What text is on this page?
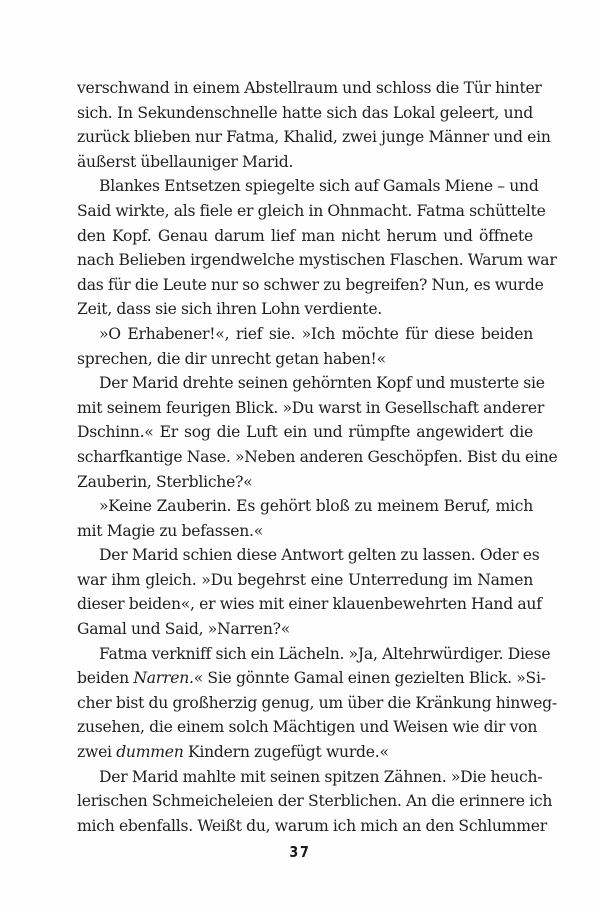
verschwand in einem Abstellraum und schloss die Tür hinter
sich. In Sekundenschnelle hatte sich das Lokal geleert, und
zurück blieben nur Fatma, Khalid, zwei junge Männer und ein
äußerst übellauniger Marid.
Blankes Entsetzen spiegelte sich auf Gamals Miene – und
Said wirkte, als fiele er gleich in Ohnmacht. Fatma schüttelte
den Kopf. Genau darum lief man nicht herum und öffnete
nach Belieben irgendwelche mystischen Flaschen. Warum war
das für die Leute nur so schwer zu begreifen? Nun, es wurde
Zeit, dass sie sich ihren Lohn verdiente.
»O Erhabener!«, rief sie. »Ich möchte für diese beiden
sprechen, die dir unrecht getan haben!«
Der Marid drehte seinen gehörnten Kopf und musterte sie
mit seinem feurigen Blick. »Du warst in Gesellschaft anderer
Dschinn.« Er sog die Luft ein und rümpfte angewidert die
scharfkantige Nase. »Neben anderen Geschöpfen. Bist du eine
Zauberin, Sterbliche?«
»Keine Zauberin. Es gehört bloß zu meinem Beruf, mich
mit Magie zu befassen.«
Der Marid schien diese Antwort gelten zu lassen. Oder es
war ihm gleich. »Du begehrst eine Unterredung im Namen
dieser beiden«, er wies mit einer klauenbewehrten Hand auf
Gamal und Said, »Narren?«
Fatma verkniff sich ein Lächeln. »Ja, Altehrwürdiger. Diese
beiden Narren.« Sie gönnte Gamal einen gezielten Blick. »Si-
cher bist du großherzig genug, um über die Kränkung hinweg-
zusehen, die einem solch Mächtigen und Weisen wie dir von
zwei dummen Kindern zugefügt wurde.«
Der Marid mahlte mit seinen spitzen Zähnen. »Die heuch-
lerischen Schmeicheleien der Sterblichen. An die erinnere ich
mich ebenfalls. Weißt du, warum ich mich an den Schlummer
37
